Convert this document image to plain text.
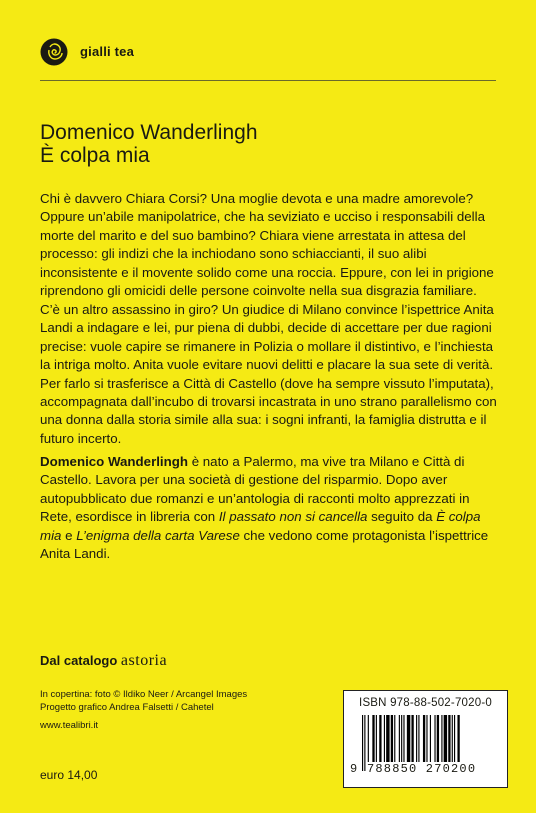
gialli tea
Domenico Wanderlingh
È colpa mia
Chi è davvero Chiara Corsi? Una moglie devota e una madre amorevole? Oppure un’abile manipolatrice, che ha seviziato e ucciso i responsabili della morte del marito e del suo bambino? Chiara viene arrestata in attesa del processo: gli indizi che la inchiodano sono schiaccianti, il suo alibi inconsistente e il movente solido come una roccia. Eppure, con lei in prigione riprendono gli omicidi delle persone coinvolte nella sua disgrazia familiare. C’è un altro assassino in giro? Un giudice di Milano convince l’ispettrice Anita Landi a indagare e lei, pur piena di dubbi, decide di accettare per due ragioni precise: vuole capire se rimanere in Polizia o mollare il distintivo, e l’inchiesta la intriga molto. Anita vuole evitare nuovi delitti e placare la sua sete di verità. Per farlo si trasferisce a Città di Castello (dove ha sempre vissuto l’imputata), accompagnata dall’incubo di trovarsi incastrata in uno strano parallelismo con una donna dalla storia simile alla sua: i sogni infranti, la famiglia distrutta e il futuro incerto.
Domenico Wanderlingh è nato a Palermo, ma vive tra Milano e Città di Castello. Lavora per una società di gestione del risparmio. Dopo aver autopubblicato due romanzi e un’antologia di racconti molto apprezzati in Rete, esordisce in libreria con Il passato non si cancella seguito da È colpa mia e L’enigma della carta Varese che vedono come protagonista l’ispettrice Anita Landi.
Dal catalogo astoria
In copertina: foto © Ildiko Neer / Arcangel Images
Progetto grafico Andrea Falsetti / Cahetel
www.tealibri.it
euro 14,00
ISBN 978-88-502-7020-0
9 788850 270200
